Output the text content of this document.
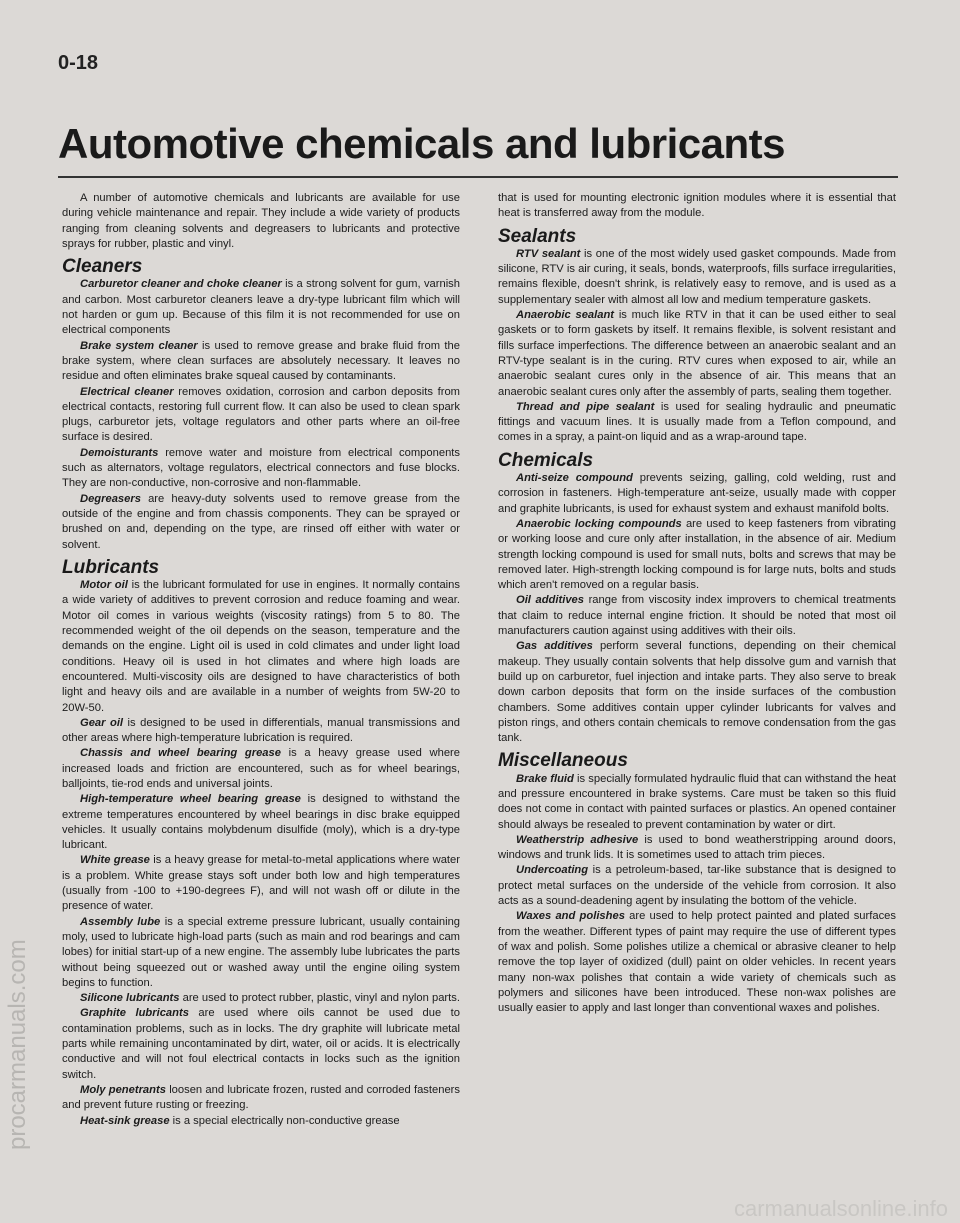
0-18
Automotive chemicals and lubricants
procarmanuals.com
carmanualsonline.info

A number of automotive chemicals and lubricants are available for use during vehicle maintenance and repair. They include a wide variety of products ranging from cleaning solvents and degreasers to lubricants and protective sprays for rubber, plastic and vinyl.

Cleaners

Carburetor cleaner and choke cleaner is a strong solvent for gum, varnish and carbon. Most carburetor cleaners leave a dry-type lubricant film which will not harden or gum up. Because of this film it is not recommended for use on electrical components

Brake system cleaner is used to remove grease and brake fluid from the brake system, where clean surfaces are absolutely necessary. It leaves no residue and often eliminates brake squeal caused by contaminants.

Electrical cleaner removes oxidation, corrosion and carbon deposits from electrical contacts, restoring full current flow. It can also be used to clean spark plugs, carburetor jets, voltage regulators and other parts where an oil-free surface is desired.

Demoisturants remove water and moisture from electrical components such as alternators, voltage regulators, electrical connectors and fuse blocks. They are non-conductive, non-corrosive and non-flammable.

Degreasers are heavy-duty solvents used to remove grease from the outside of the engine and from chassis components. They can be sprayed or brushed on and, depending on the type, are rinsed off either with water or solvent.

Lubricants

Motor oil is the lubricant formulated for use in engines. It normally contains a wide variety of additives to prevent corrosion and reduce foaming and wear. Motor oil comes in various weights (viscosity ratings) from 5 to 80. The recommended weight of the oil depends on the season, temperature and the demands on the engine. Light oil is used in cold climates and under light load conditions. Heavy oil is used in hot climates and where high loads are encountered. Multi-viscosity oils are designed to have characteristics of both light and heavy oils and are available in a number of weights from 5W-20 to 20W-50.

Gear oil is designed to be used in differentials, manual transmissions and other areas where high-temperature lubrication is required.

Chassis and wheel bearing grease is a heavy grease used where increased loads and friction are encountered, such as for wheel bearings, balljoints, tie-rod ends and universal joints.

High-temperature wheel bearing grease is designed to withstand the extreme temperatures encountered by wheel bearings in disc brake equipped vehicles. It usually contains molybdenum disulfide (moly), which is a dry-type lubricant.

White grease is a heavy grease for metal-to-metal applications where water is a problem. White grease stays soft under both low and high temperatures (usually from -100 to +190-degrees F), and will not wash off or dilute in the presence of water.

Assembly lube is a special extreme pressure lubricant, usually containing moly, used to lubricate high-load parts (such as main and rod bearings and cam lobes) for initial start-up of a new engine. The assembly lube lubricates the parts without being squeezed out or washed away until the engine oiling system begins to function.

Silicone lubricants are used to protect rubber, plastic, vinyl and nylon parts.

Graphite lubricants are used where oils cannot be used due to contamination problems, such as in locks. The dry graphite will lubricate metal parts while remaining uncontaminated by dirt, water, oil or acids. It is electrically conductive and will not foul electrical contacts in locks such as the ignition switch.

Moly penetrants loosen and lubricate frozen, rusted and corroded fasteners and prevent future rusting or freezing.

Heat-sink grease is a special electrically non-conductive grease

that is used for mounting electronic ignition modules where it is essential that heat is transferred away from the module.

Sealants

RTV sealant is one of the most widely used gasket compounds. Made from silicone, RTV is air curing, it seals, bonds, waterproofs, fills surface irregularities, remains flexible, doesn't shrink, is relatively easy to remove, and is used as a supplementary sealer with almost all low and medium temperature gaskets.

Anaerobic sealant is much like RTV in that it can be used either to seal gaskets or to form gaskets by itself. It remains flexible, is solvent resistant and fills surface imperfections. The difference between an anaerobic sealant and an RTV-type sealant is in the curing. RTV cures when exposed to air, while an anaerobic sealant cures only in the absence of air. This means that an anaerobic sealant cures only after the assembly of parts, sealing them together.

Thread and pipe sealant is used for sealing hydraulic and pneumatic fittings and vacuum lines. It is usually made from a Teflon compound, and comes in a spray, a paint-on liquid and as a wrap-around tape.

Chemicals

Anti-seize compound prevents seizing, galling, cold welding, rust and corrosion in fasteners. High-temperature ant-seize, usually made with copper and graphite lubricants, is used for exhaust system and exhaust manifold bolts.

Anaerobic locking compounds are used to keep fasteners from vibrating or working loose and cure only after installation, in the absence of air. Medium strength locking compound is used for small nuts, bolts and screws that may be removed later. High-strength locking compound is for large nuts, bolts and studs which aren't removed on a regular basis.

Oil additives range from viscosity index improvers to chemical treatments that claim to reduce internal engine friction. It should be noted that most oil manufacturers caution against using additives with their oils.

Gas additives perform several functions, depending on their chemical makeup. They usually contain solvents that help dissolve gum and varnish that build up on carburetor, fuel injection and intake parts. They also serve to break down carbon deposits that form on the inside surfaces of the combustion chambers. Some additives contain upper cylinder lubricants for valves and piston rings, and others contain chemicals to remove condensation from the gas tank.

Miscellaneous

Brake fluid is specially formulated hydraulic fluid that can withstand the heat and pressure encountered in brake systems. Care must be taken so this fluid does not come in contact with painted surfaces or plastics. An opened container should always be resealed to prevent contamination by water or dirt.

Weatherstrip adhesive is used to bond weatherstripping around doors, windows and trunk lids. It is sometimes used to attach trim pieces.

Undercoating is a petroleum-based, tar-like substance that is designed to protect metal surfaces on the underside of the vehicle from corrosion. It also acts as a sound-deadening agent by insulating the bottom of the vehicle.

Waxes and polishes are used to help protect painted and plated surfaces from the weather. Different types of paint may require the use of different types of wax and polish. Some polishes utilize a chemical or abrasive cleaner to help remove the top layer of oxidized (dull) paint on older vehicles. In recent years many non-wax polishes that contain a wide variety of chemicals such as polymers and silicones have been introduced. These non-wax polishes are usually easier to apply and last longer than conventional waxes and polishes.
